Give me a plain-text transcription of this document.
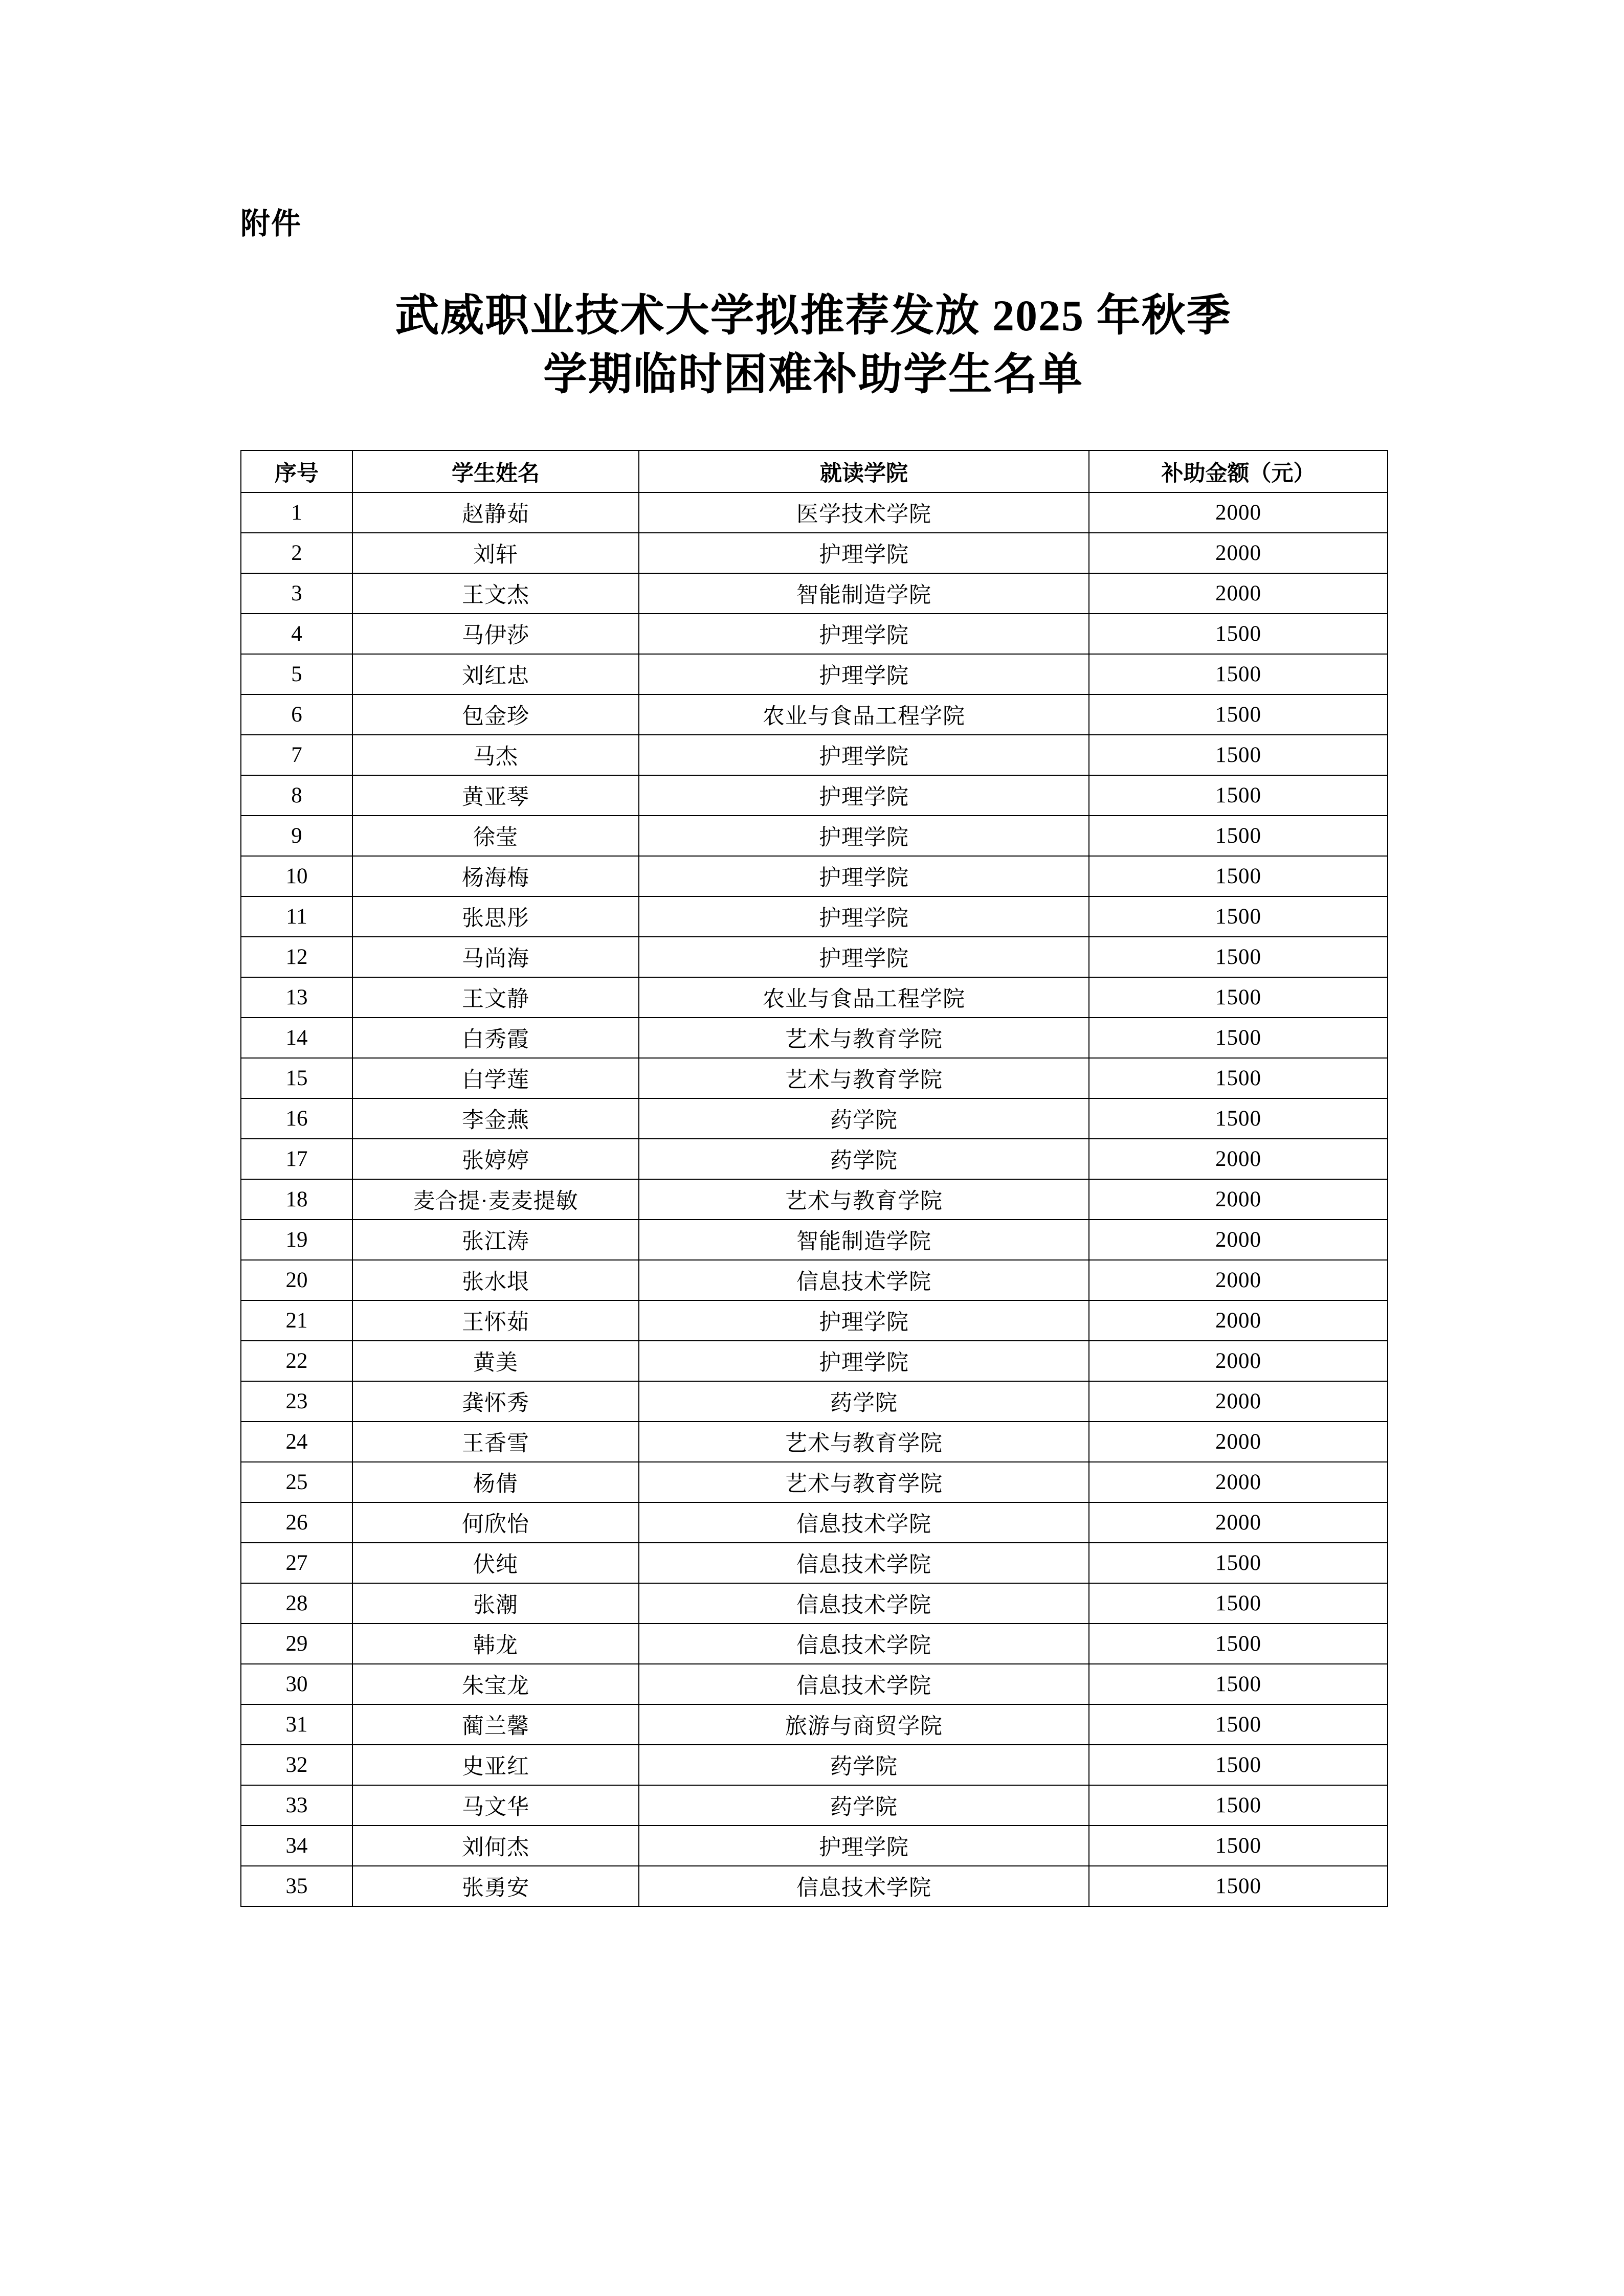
附件
武威职业技术大学拟推荐发放 2025 年秋季
学期临时困难补助学生名单
序号	学生姓名	就读学院	补助金额（元）
1	赵静茹	医学技术学院	2000
2	刘轩	护理学院	2000
3	王文杰	智能制造学院	2000
4	马伊莎	护理学院	1500
5	刘红忠	护理学院	1500
6	包金珍	农业与食品工程学院	1500
7	马杰	护理学院	1500
8	黄亚琴	护理学院	1500
9	徐莹	护理学院	1500
10	杨海梅	护理学院	1500
11	张思彤	护理学院	1500
12	马尚海	护理学院	1500
13	王文静	农业与食品工程学院	1500
14	白秀霞	艺术与教育学院	1500
15	白学莲	艺术与教育学院	1500
16	李金燕	药学院	1500
17	张婷婷	药学院	2000
18	麦合提·麦麦提敏	艺术与教育学院	2000
19	张江涛	智能制造学院	2000
20	张水垠	信息技术学院	2000
21	王怀茹	护理学院	2000
22	黄美	护理学院	2000
23	龚怀秀	药学院	2000
24	王香雪	艺术与教育学院	2000
25	杨倩	艺术与教育学院	2000
26	何欣怡	信息技术学院	2000
27	伏纯	信息技术学院	1500
28	张潮	信息技术学院	1500
29	韩龙	信息技术学院	1500
30	朱宝龙	信息技术学院	1500
31	蔺兰馨	旅游与商贸学院	1500
32	史亚红	药学院	1500
33	马文华	药学院	1500
34	刘何杰	护理学院	1500
35	张勇安	信息技术学院	1500
